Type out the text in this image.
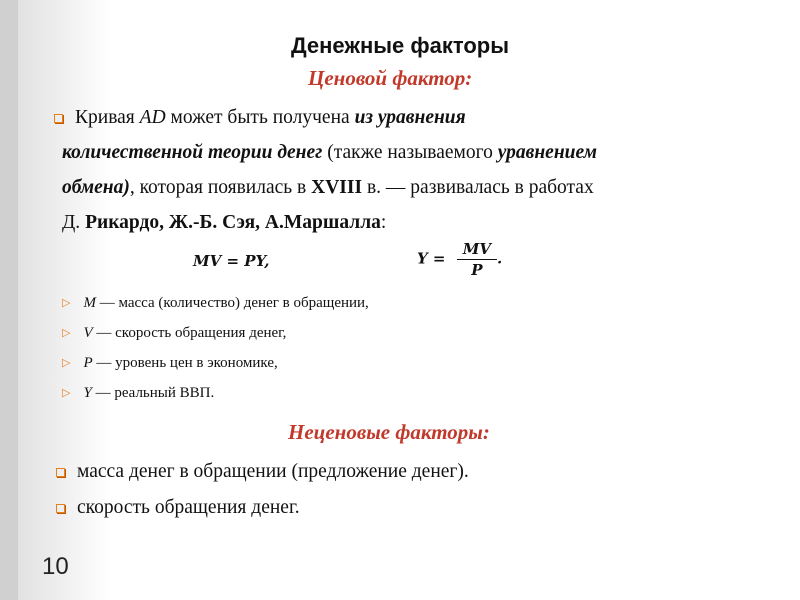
Денежные факторы
Ценовой фактор:
Кривая AD может быть получена из уравнения
количественной теории денег (также называемого уравнением
обмена), которая появилась в XVIII в. — развивалась в работах
Д. Рикардо, Ж.-Б. Сэя, А.Маршалла:
MV = PY,	$Y = \frac{MV}{P}$ .
▷ M — масса (количество) денег в обращении,
▷ V — скорость обращения денег,
▷ P — уровень цен в экономике,
▷ Y — реальный ВВП.
Неценовые факторы:
масса денег в обращении (предложение денег).
скорость обращения денег.
10
